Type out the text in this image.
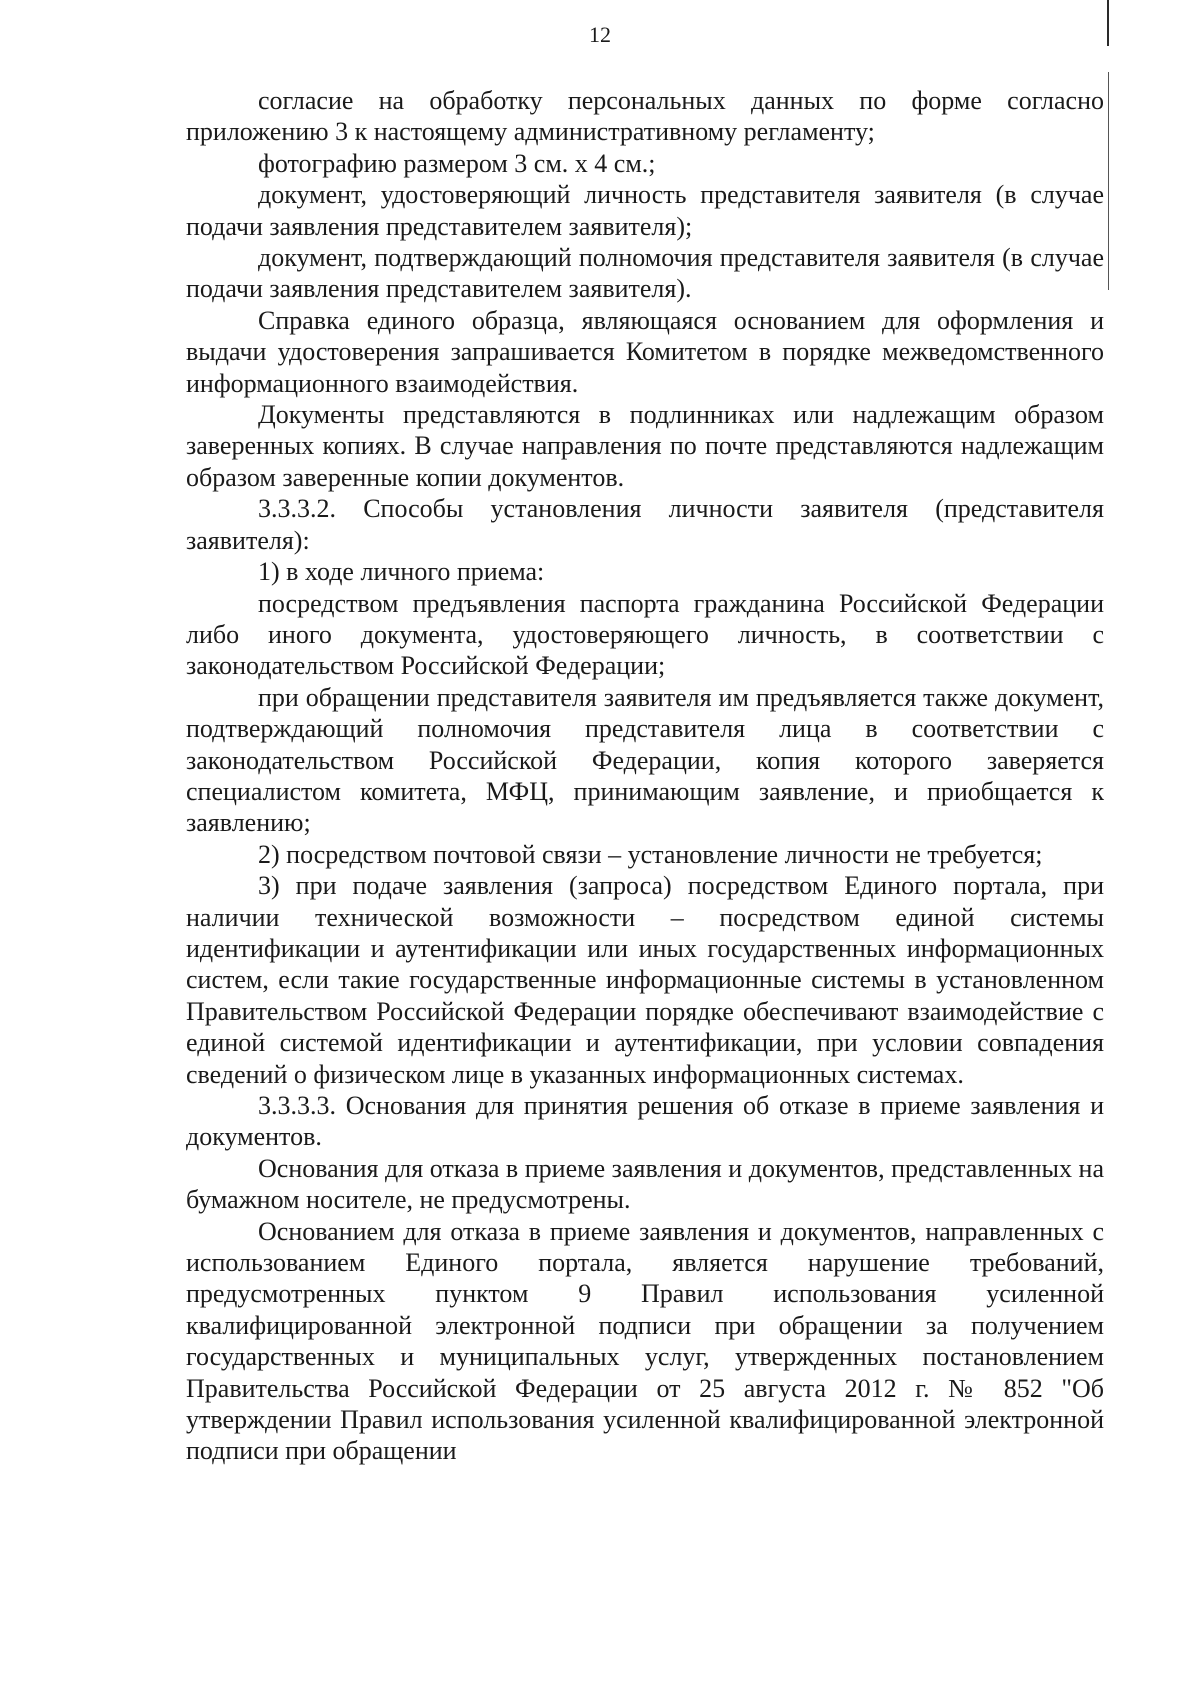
12

согласие на обработку персональных данных по форме согласно приложению 3 к настоящему административному регламенту;

фотографию размером 3 см. х 4 см.;

документ, удостоверяющий личность представителя заявителя (в случае подачи заявления представителем заявителя);

документ, подтверждающий полномочия представителя заявителя (в случае подачи заявления представителем заявителя).

Справка единого образца, являющаяся основанием для оформления и выдачи удостоверения запрашивается Комитетом в порядке межведомственного информационного взаимодействия.

Документы представляются в подлинниках или надлежащим образом заверенных копиях. В случае направления по почте представляются надлежащим образом заверенные копии документов.

3.3.3.2. Способы установления личности заявителя (представителя заявителя):

1) в ходе личного приема:

посредством предъявления паспорта гражданина Российской Федерации либо иного документа, удостоверяющего личность, в соответствии с законодательством Российской Федерации;

при обращении представителя заявителя им предъявляется также документ, подтверждающий полномочия представителя лица в соответствии с законодательством Российской Федерации, копия которого заверяется специалистом комитета, МФЦ, принимающим заявление, и приобщается к заявлению;

2) посредством почтовой связи – установление личности не требуется;

3) при подаче заявления (запроса) посредством Единого портала, при наличии технической возможности – посредством единой системы идентификации и аутентификации или иных государственных информационных систем, если такие государственные информационные системы в установленном Правительством Российской Федерации порядке обеспечивают взаимодействие с единой системой идентификации и аутентификации, при условии совпадения сведений о физическом лице в указанных информационных системах.

3.3.3.3. Основания для принятия решения об отказе в приеме заявления и документов.

Основания для отказа в приеме заявления и документов, представленных на бумажном носителе, не предусмотрены.

Основанием для отказа в приеме заявления и документов, направленных с использованием Единого портала, является нарушение требований, предусмотренных пунктом 9 Правил использования усиленной квалифицированной электронной подписи при обращении за получением государственных и муниципальных услуг, утвержденных постановлением Правительства Российской Федерации от 25 августа 2012 г. № 852 "Об утверждении Правил использования усиленной квалифицированной электронной подписи при обращении
